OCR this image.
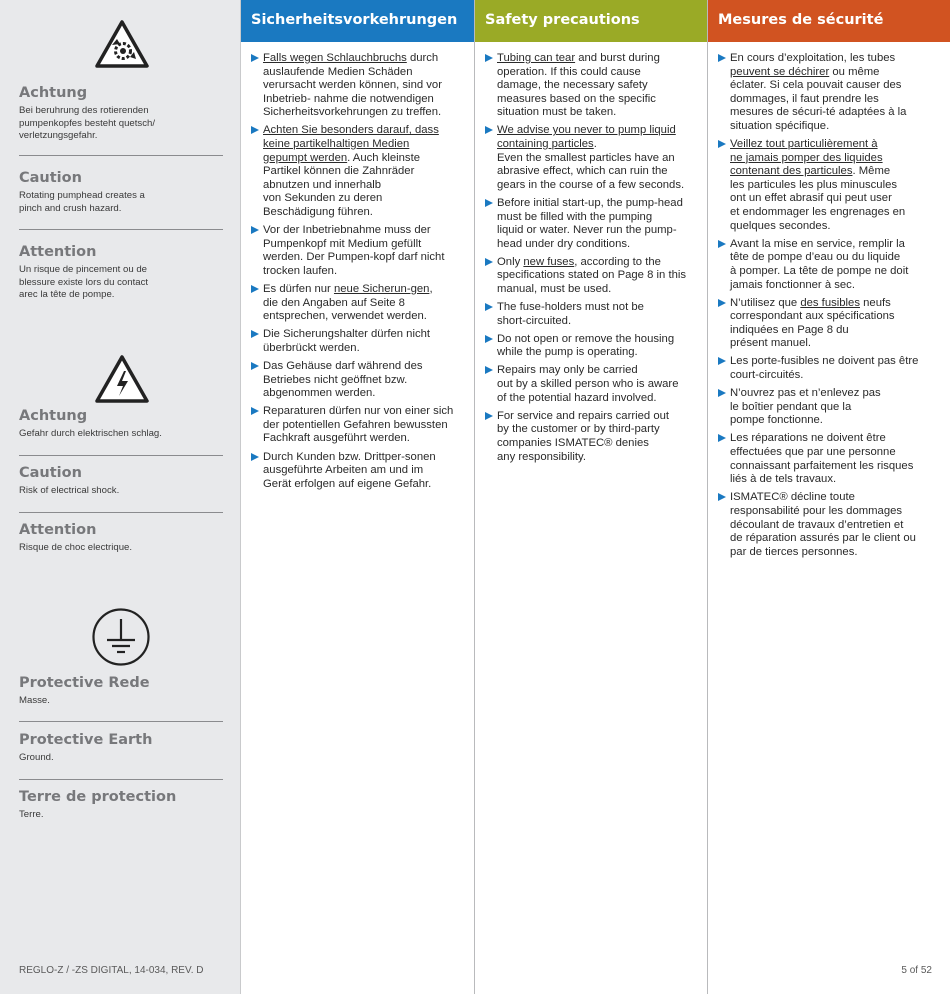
Achtung

Bei beruhrung des rotierenden
pumpenkopfes besteht quetsch/
verletzungsgefahr.

Caution

Rotating pumphead creates a
pinch and crush hazard.

Attention

Un risque de pincement ou de
blessure existe lors du contact
arec la tête de pompe.

Achtung

Gefahr durch elektrischen schlag.

Caution

Risk of electrical shock.

Attention

Risque de choc electrique.

Protective Rede

Masse.

Protective Earth

Ground.

Terre de protection

Terre.

REGLO-Z / -ZS DIGITAL, 14-034, REV. D
Sicherheitsvorkehrungen
Falls wegen Schlauchbruchs durch
auslaufende Medien Schäden
verursacht werden können, sind vor
Inbetrieb- nahme die notwendigen
Sicherheitsvorkehrungen zu treffen.
Achten Sie besonders darauf, dass
keine partikelhaltigen Medien
gepumpt werden. Auch kleinste
Partikel können die Zahnräder
abnutzen und innerhalb
von Sekunden zu deren
Beschädigung führen.
Vor der Inbetriebnahme muss der
Pumpenkopf mit Medium gefüllt
werden. Der Pumpen-kopf darf nicht
trocken laufen.
Es dürfen nur neue Sicherun-gen,
die den Angaben auf Seite 8
entsprechen, verwendet werden.
Die Sicherungshalter dürfen nicht
überbrückt werden.
Das Gehäuse darf während des
Betriebes nicht geöffnet bzw.
abgenommen werden.
Reparaturen dürfen nur von einer sich
der potentiellen Gefahren bewussten
Fachkraft ausgeführt werden.
Durch Kunden bzw. Drittper-sonen
ausgeführte Arbeiten am und im
Gerät erfolgen auf eigene Gefahr.
Safety precautions
Tubing can tear and burst during
operation. If this could cause
damage, the necessary safety
measures based on the specific
situation must be taken.
We advise you never to pump liquid
containing particles.
Even the smallest particles have an
abrasive effect, which can ruin the
gears in the course of a few seconds.
Before initial start-up, the pump-head
must be filled with the pumping
liquid or water. Never run the pump-
head under dry conditions.
Only new fuses, according to the
specifications stated on Page 8 in this
manual, must be used.
The fuse-holders must not be
short-circuited.
Do not open or remove the housing
while the pump is operating.
Repairs may only be carried
out by a skilled person who is aware
of the potential hazard involved.
For service and repairs carried out
by the customer or by third-party
companies ISMATEC® denies
any responsibility.
Mesures de sécurité
En cours d’exploitation, les tubes
peuvent se déchirer ou même
éclater. Si cela pouvait causer des
dommages, il faut prendre les
mesures de sécuri-té adaptées à la
situation spécifique.
Veillez tout particulièrement à
ne jamais pomper des liquides
contenant des particules. Même
les particules les plus minuscules
ont un effet abrasif qui peut user
et endommager les engrenages en
quelques secondes.
Avant la mise en service, remplir la
tête de pompe d’eau ou du liquide
à pomper. La tête de pompe ne doit
jamais fonctionner à sec.
N’utilisez que des fusibles neufs
correspondant aux spécifications
indiquées en Page 8 du
présent manuel.
Les porte-fusibles ne doivent pas être
court-circuités.
N’ouvrez pas et n’enlevez pas
le boîtier pendant que la
pompe fonctionne.
Les réparations ne doivent être
effectuées que par une personne
connaissant parfaitement les risques
liés à de tels travaux.
ISMATEC® décline toute
responsabilité pour les dommages
découlant de travaux d’entretien et
de réparation assurés par le client ou
par de tierces personnes.
5 of 52
